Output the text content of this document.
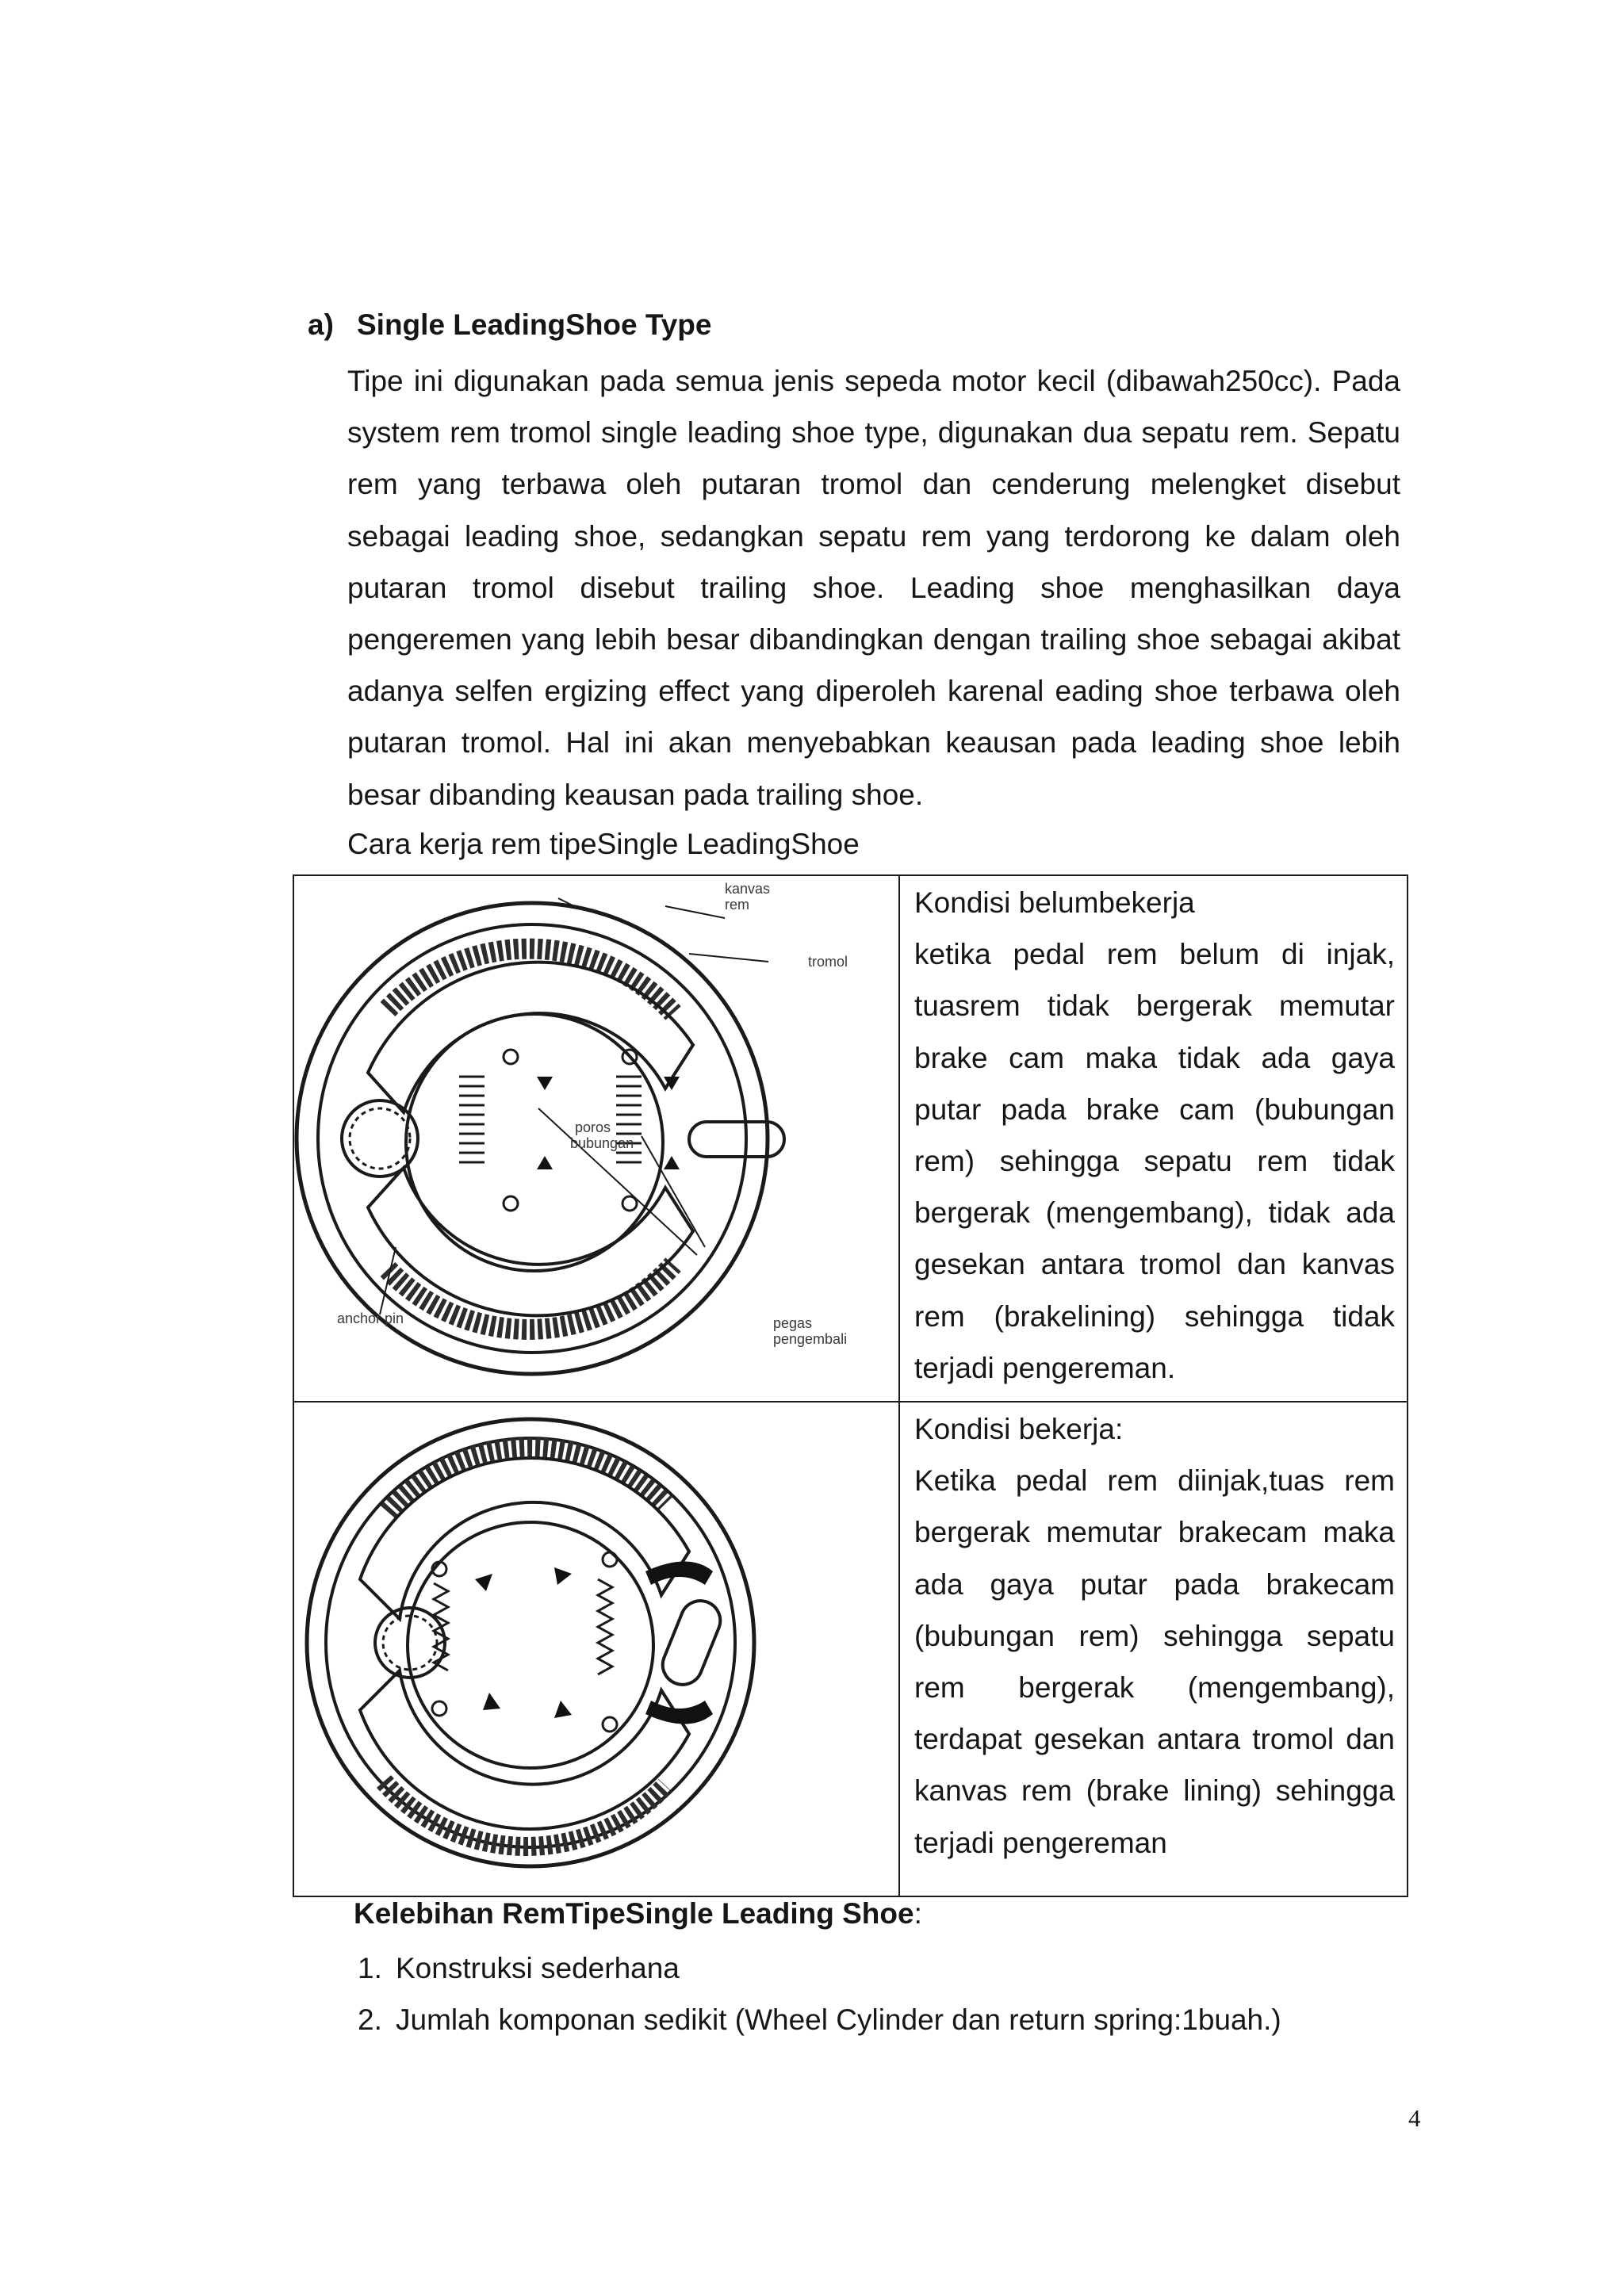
a) Single LeadingShoe Type

Tipe ini digunakan pada semua jenis sepeda motor kecil (dibawah250cc). Pada system rem tromol single leading shoe type, digunakan dua sepatu rem. Sepatu rem yang terbawa oleh putaran tromol dan cenderung melengket disebut sebagai leading shoe, sedangkan sepatu rem yang terdorong ke dalam oleh putaran tromol disebut trailing shoe. Leading shoe menghasilkan daya pengeremen yang lebih besar dibandingkan dengan trailing shoe sebagai akibat adanya selfen ergizing effect yang diperoleh karenal eading shoe terbawa oleh putaran tromol. Hal ini akan menyebabkan keausan pada leading shoe lebih besar dibanding keausan pada trailing shoe.

Cara kerja rem tipeSingle LeadingShoe
kanvas
rem
tromol
poros
bubungan
anchor pin	pegas
pengembali
Kondisi belumbekerja

ketika pedal rem belum di injak, tuasrem tidak bergerak memutar brake cam maka tidak ada gaya putar pada brake cam (bubungan rem) sehingga sepatu rem tidak bergerak (mengembang), tidak ada gesekan antara tromol dan kanvas rem (brakelining) sehingga tidak terjadi pengereman.

Kondisi bekerja:

Ketika pedal rem diinjak,tuas rem bergerak memutar brakecam maka ada gaya putar pada brakecam (bubungan rem) sehingga sepatu rem bergerak (mengembang), terdapat gesekan antara tromol dan kanvas rem (brake lining) sehingga terjadi pengereman

Kelebihan RemTipeSingle Leading Shoe:
1. Konstruksi sederhana
2. Jumlah komponan sedikit (Wheel Cylinder dan return spring:1buah.)
4
